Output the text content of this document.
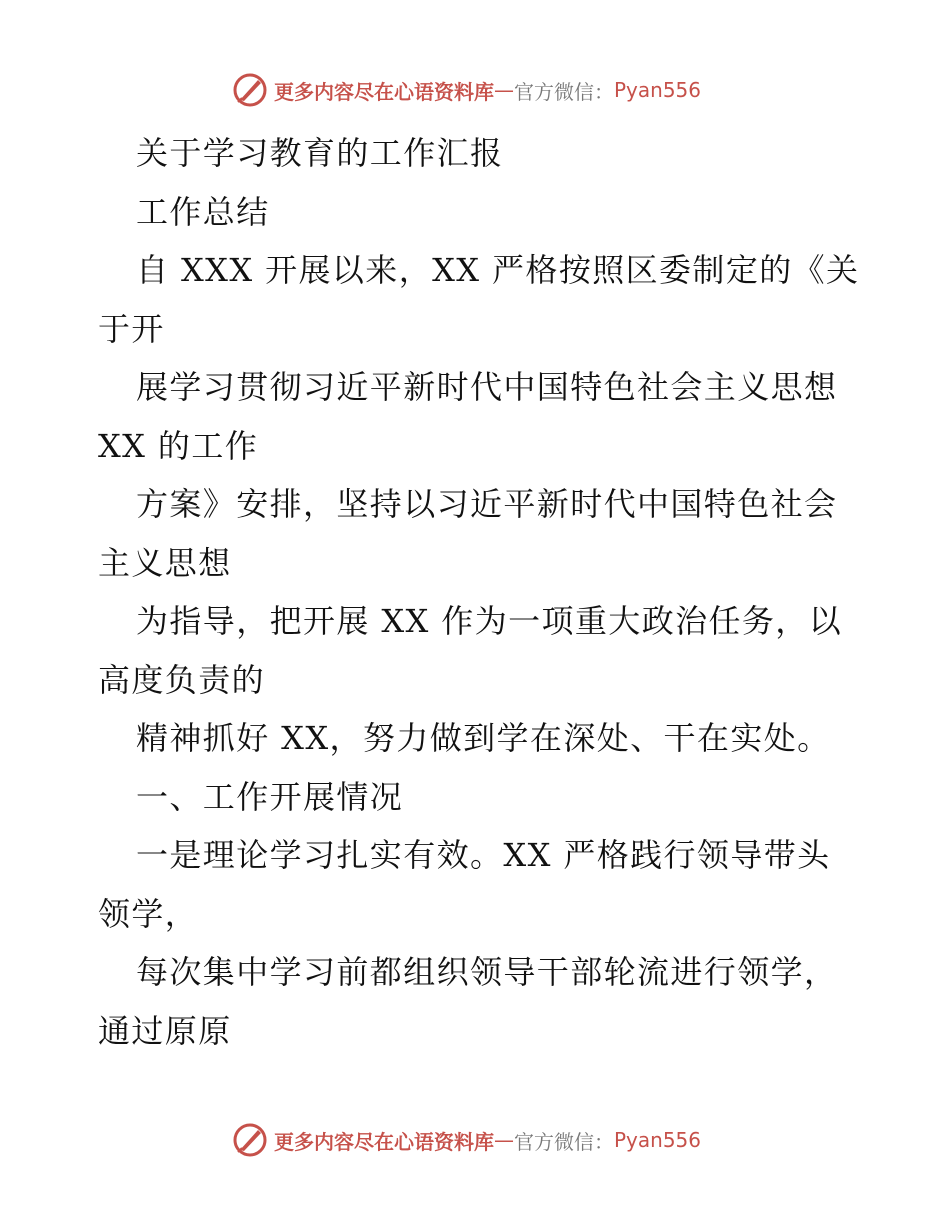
更多内容尽在心语资料库 — 官方微信： Pyan556
关于学习教育的工作汇报
工作总结
自 XXX 开展以来，XX 严格按照区委制定的《关
于开
展学习贯彻习近平新时代中国特色社会主义思想
XX 的工作
方案》安排，坚持以习近平新时代中国特色社会
主义思想
为指导，把开展 XX 作为一项重大政治任务，以
高度负责的
精神抓好 XX，努力做到学在深处、干在实处。
一、工作开展情况
一是理论学习扎实有效。XX 严格践行领导带头
领学，
每次集中学习前都组织领导干部轮流进行领学，
通过原原
更多内容尽在心语资料库 — 官方微信： Pyan556
